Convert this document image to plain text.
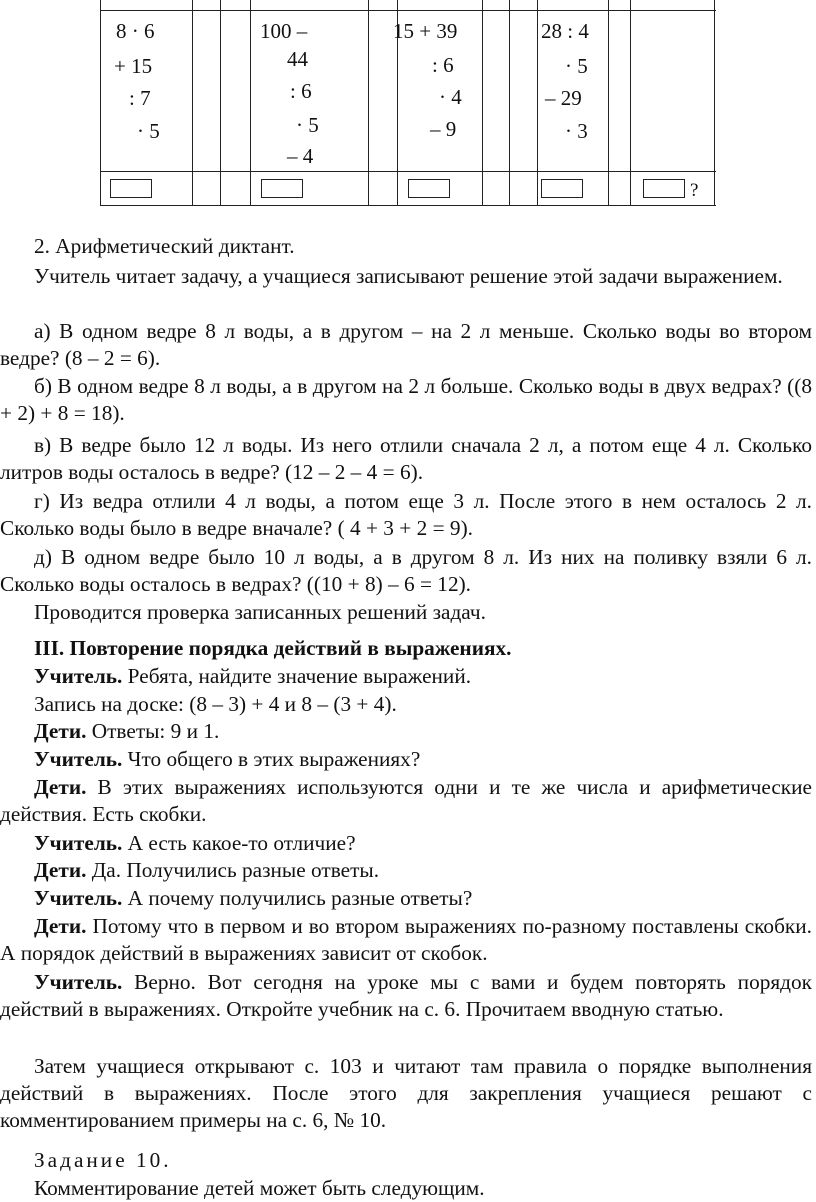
8 · 6
+ 15
: 7
· 5
100 –
44
: 6
· 5
– 4
15 + 39
: 6
· 4
– 9
28 : 4
· 5
– 29
· 3
?

2. Арифметический диктант.

Учитель читает задачу, а учащиеся записывают решение этой задачи выражением.

а) В одном ведре 8 л воды, а в другом – на 2 л меньше. Сколько воды во втором ведре? (8 – 2 = 6).

б) В одном ведре 8 л воды, а в другом на 2 л больше. Сколько воды в двух ведрах? ((8 + 2) + 8 = 18).

в) В ведре было 12 л воды. Из него отлили сначала 2 л, а потом еще 4 л. Сколько литров воды осталось в ведре? (12 – 2 – 4 = 6).

г) Из ведра отлили 4 л воды, а потом еще 3 л. После этого в нем осталось 2 л. Сколько воды было в ведре вначале? ( 4 + 3 + 2 = 9).

д) В одном ведре было 10 л воды, а в другом 8 л. Из них на поливку взяли 6 л. Сколько воды осталось в ведрах? ((10 + 8) – 6 = 12).

Проводится проверка записанных решений задач.

III. Повторение порядка действий в выражениях.

Учитель. Ребята, найдите значение выражений.

Запись на доске: (8 – 3) + 4 и 8 – (3 + 4).

Дети. Ответы: 9 и 1.

Учитель. Что общего в этих выражениях?

Дети. В этих выражениях используются одни и те же числа и арифметические действия. Есть скобки.

Учитель. А есть какое-то отличие?

Дети. Да. Получились разные ответы.

Учитель. А почему получились разные ответы?

Дети. Потому что в первом и во втором выражениях по-разному поставлены скобки. А порядок действий в выражениях зависит от скобок.

Учитель. Верно. Вот сегодня на уроке мы с вами и будем повторять порядок действий в выражениях. Откройте учебник на с. 6. Прочитаем вводную статью.

Затем учащиеся открывают с. 103 и читают там правила о порядке выполнения действий в выражениях. После этого для закрепления учащиеся решают с комментированием примеры на с. 6, № 10.

Задание 10.

Комментирование детей может быть следующим.
